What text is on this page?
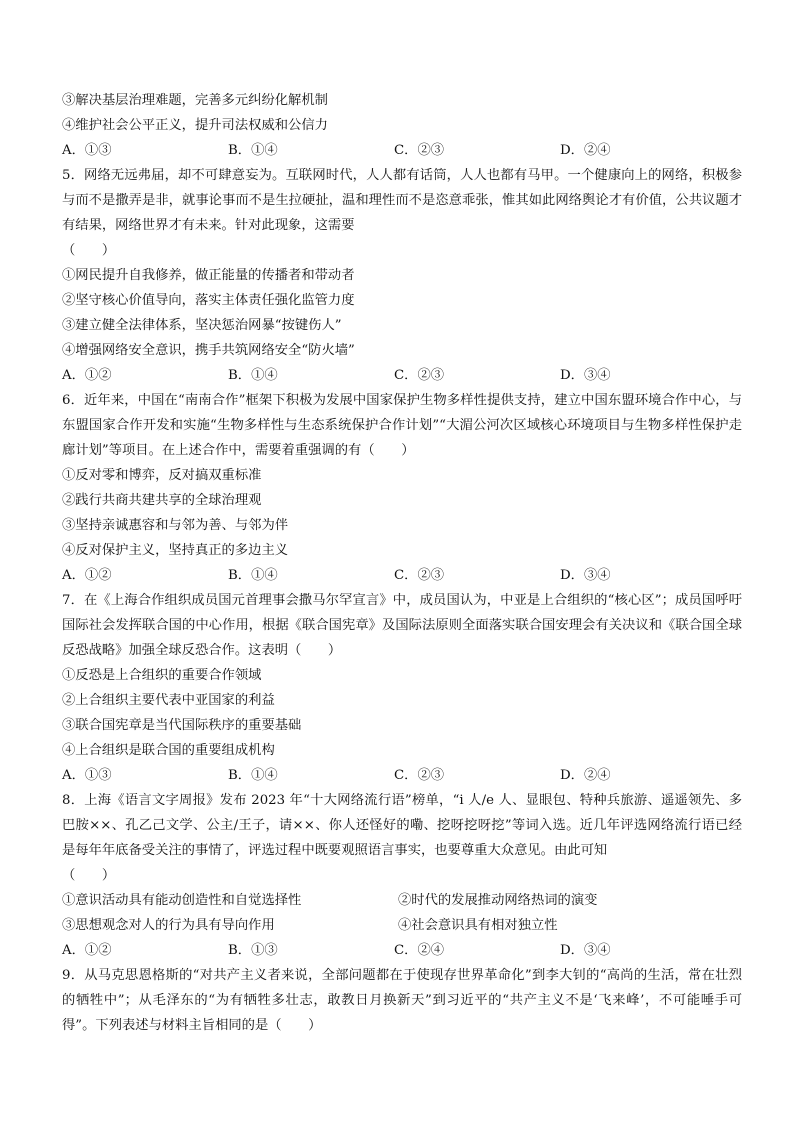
③解决基层治理难题，完善多元纠纷化解机制
④维护社会公平正义，提升司法权威和公信力
A．①③	B．①④	C．②③	D．②④
5．网络无远弗届，却不可肆意妄为。互联网时代，人人都有话筒，人人也都有马甲。一个健康向上的网络，积极参与而不是撒弄是非，就事论事而不是生拉硬扯，温和理性而不是恣意乖张，惟其如此网络舆论才有价值，公共议题才有结果，网络世界才有未来。针对此现象，这需要
（　　）
①网民提升自我修养，做正能量的传播者和带动者
②坚守核心价值导向，落实主体责任强化监管力度
③建立健全法律体系，坚决惩治网暴“按键伤人”
④增强网络安全意识，携手共筑网络安全“防火墙”
A．①②	B．①④	C．②③	D．③④
6．近年来，中国在“南南合作”框架下积极为发展中国家保护生物多样性提供支持，建立中国东盟环境合作中心，与东盟国家合作开发和实施“生物多样性与生态系统保护合作计划”“大湄公河次区域核心环境项目与生物多样性保护走廊计划”等项目。在上述合作中，需要着重强调的有（　　）
①反对零和博弈，反对搞双重标准
②践行共商共建共享的全球治理观
③坚持亲诚惠容和与邻为善、与邻为伴
④反对保护主义，坚持真正的多边主义
A．①②	B．①④	C．②③	D．③④
7．在《上海合作组织成员国元首理事会撒马尔罕宣言》中，成员国认为，中亚是上合组织的“核心区”；成员国呼吁国际社会发挥联合国的中心作用，根据《联合国宪章》及国际法原则全面落实联合国安理会有关决议和《联合国全球反恐战略》加强全球反恐合作。这表明（　　）
①反恐是上合组织的重要合作领域
②上合组织主要代表中亚国家的利益
③联合国宪章是当代国际秩序的重要基础
④上合组织是联合国的重要组成机构
A．①③	B．①④	C．②③	D．②④
8．上海《语言文字周报》发布 2023 年“十大网络流行语”榜单，“i 人/e 人、显眼包、特种兵旅游、遥遥领先、多巴胺××、孔乙己文学、公主/王子，请××、你人还怪好的嘞、挖呀挖呀挖”等词入选。近几年评选网络流行语已经是每年年底备受关注的事情了，评选过程中既要观照语言事实，也要尊重大众意见。由此可知
（　　）
①意识活动具有能动创造性和自觉选择性	②时代的发展推动网络热词的演变
③思想观念对人的行为具有导向作用	④社会意识具有相对独立性
A．①②	B．①③	C．②④	D．③④
9．从马克思恩格斯的“对共产主义者来说，全部问题都在于使现存世界革命化”到李大钊的“高尚的生活，常在壮烈的牺牲中”；从毛泽东的“为有牺牲多壮志，敢教日月换新天”到习近平的“共产主义不是‘飞来峰’，不可能唾手可得”。下列表述与材料主旨相同的是（　　）
